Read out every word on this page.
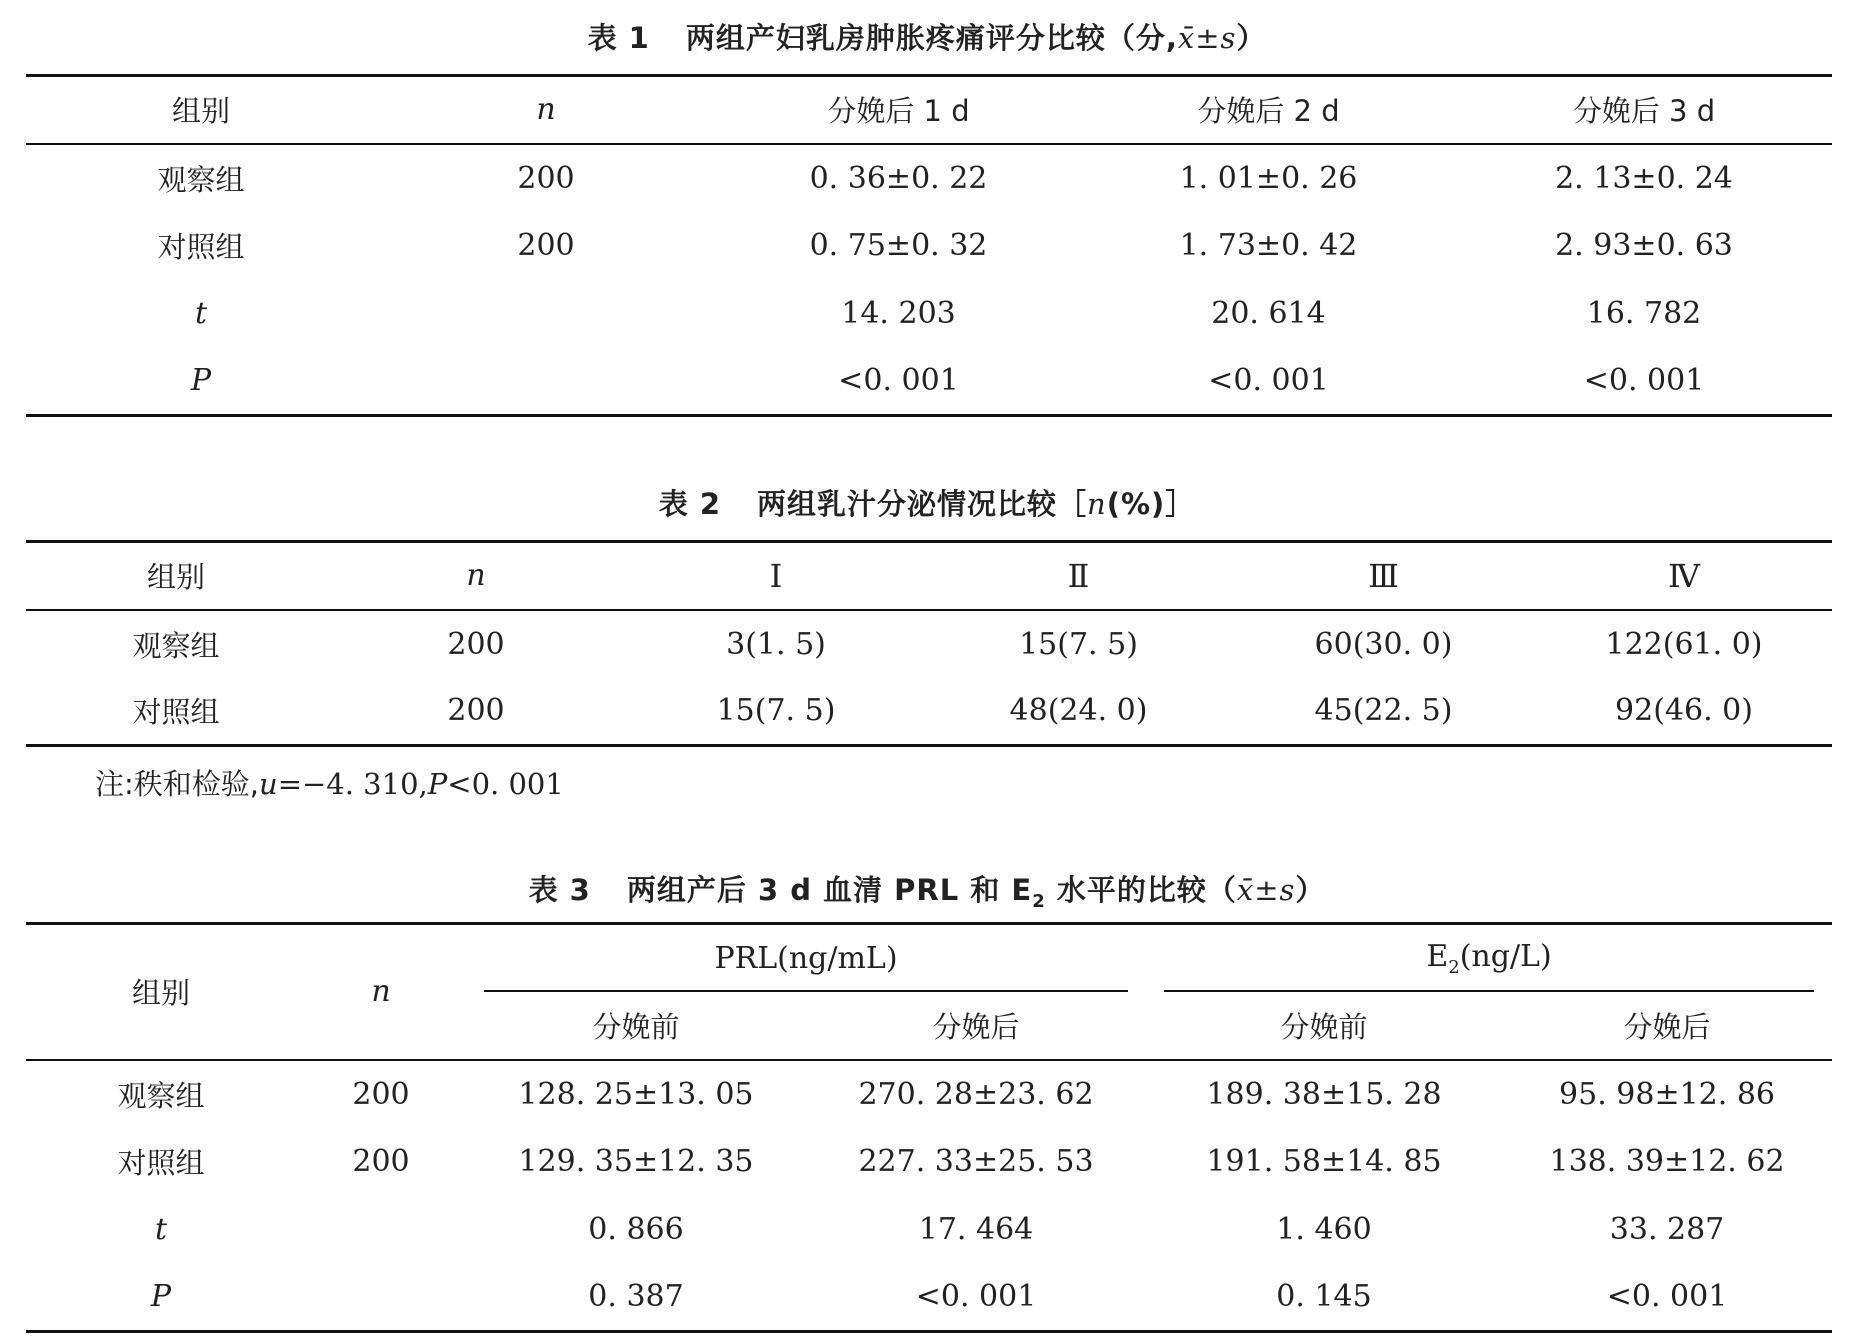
表 1 两组产妇乳房肿胀疼痛评分比较（分,x̄±s）
组别	n	分娩后 1 d	分娩后 2 d	分娩后 3 d
观察组	200	0. 36±0. 22	1. 01±0. 26	2. 13±0. 24
对照组	200	0. 75±0. 32	1. 73±0. 42	2. 93±0. 63
t		14. 203	20. 614	16. 782
P		<0. 001	<0. 001	<0. 001
表 2 两组乳汁分泌情况比较［n(%)］
组别	n	Ⅰ	Ⅱ	Ⅲ	Ⅳ
观察组	200	3(1. 5)	15(7. 5)	60(30. 0)	122(61. 0)
对照组	200	15(7. 5)	48(24. 0)	45(22. 5)	92(46. 0)
注:秩和检验,u=−4. 310,P<0. 001
表 3 两组产后 3 d 血清 PRL 和 $E_2$ 水平的比较（x̄±s）
组别	n	PRL(ng/mL)		$E_2(ng/L)$	
		分娩前	分娩后	分娩前	分娩后
观察组	200	128. 25±13. 05	270. 28±23. 62	189. 38±15. 28	95. 98±12. 86
对照组	200	129. 35±12. 35	227. 33±25. 53	191. 58±14. 85	138. 39±12. 62
t		0. 866	17. 464	1. 460	33. 287
P		0. 387	<0. 001	0. 145	<0. 001
